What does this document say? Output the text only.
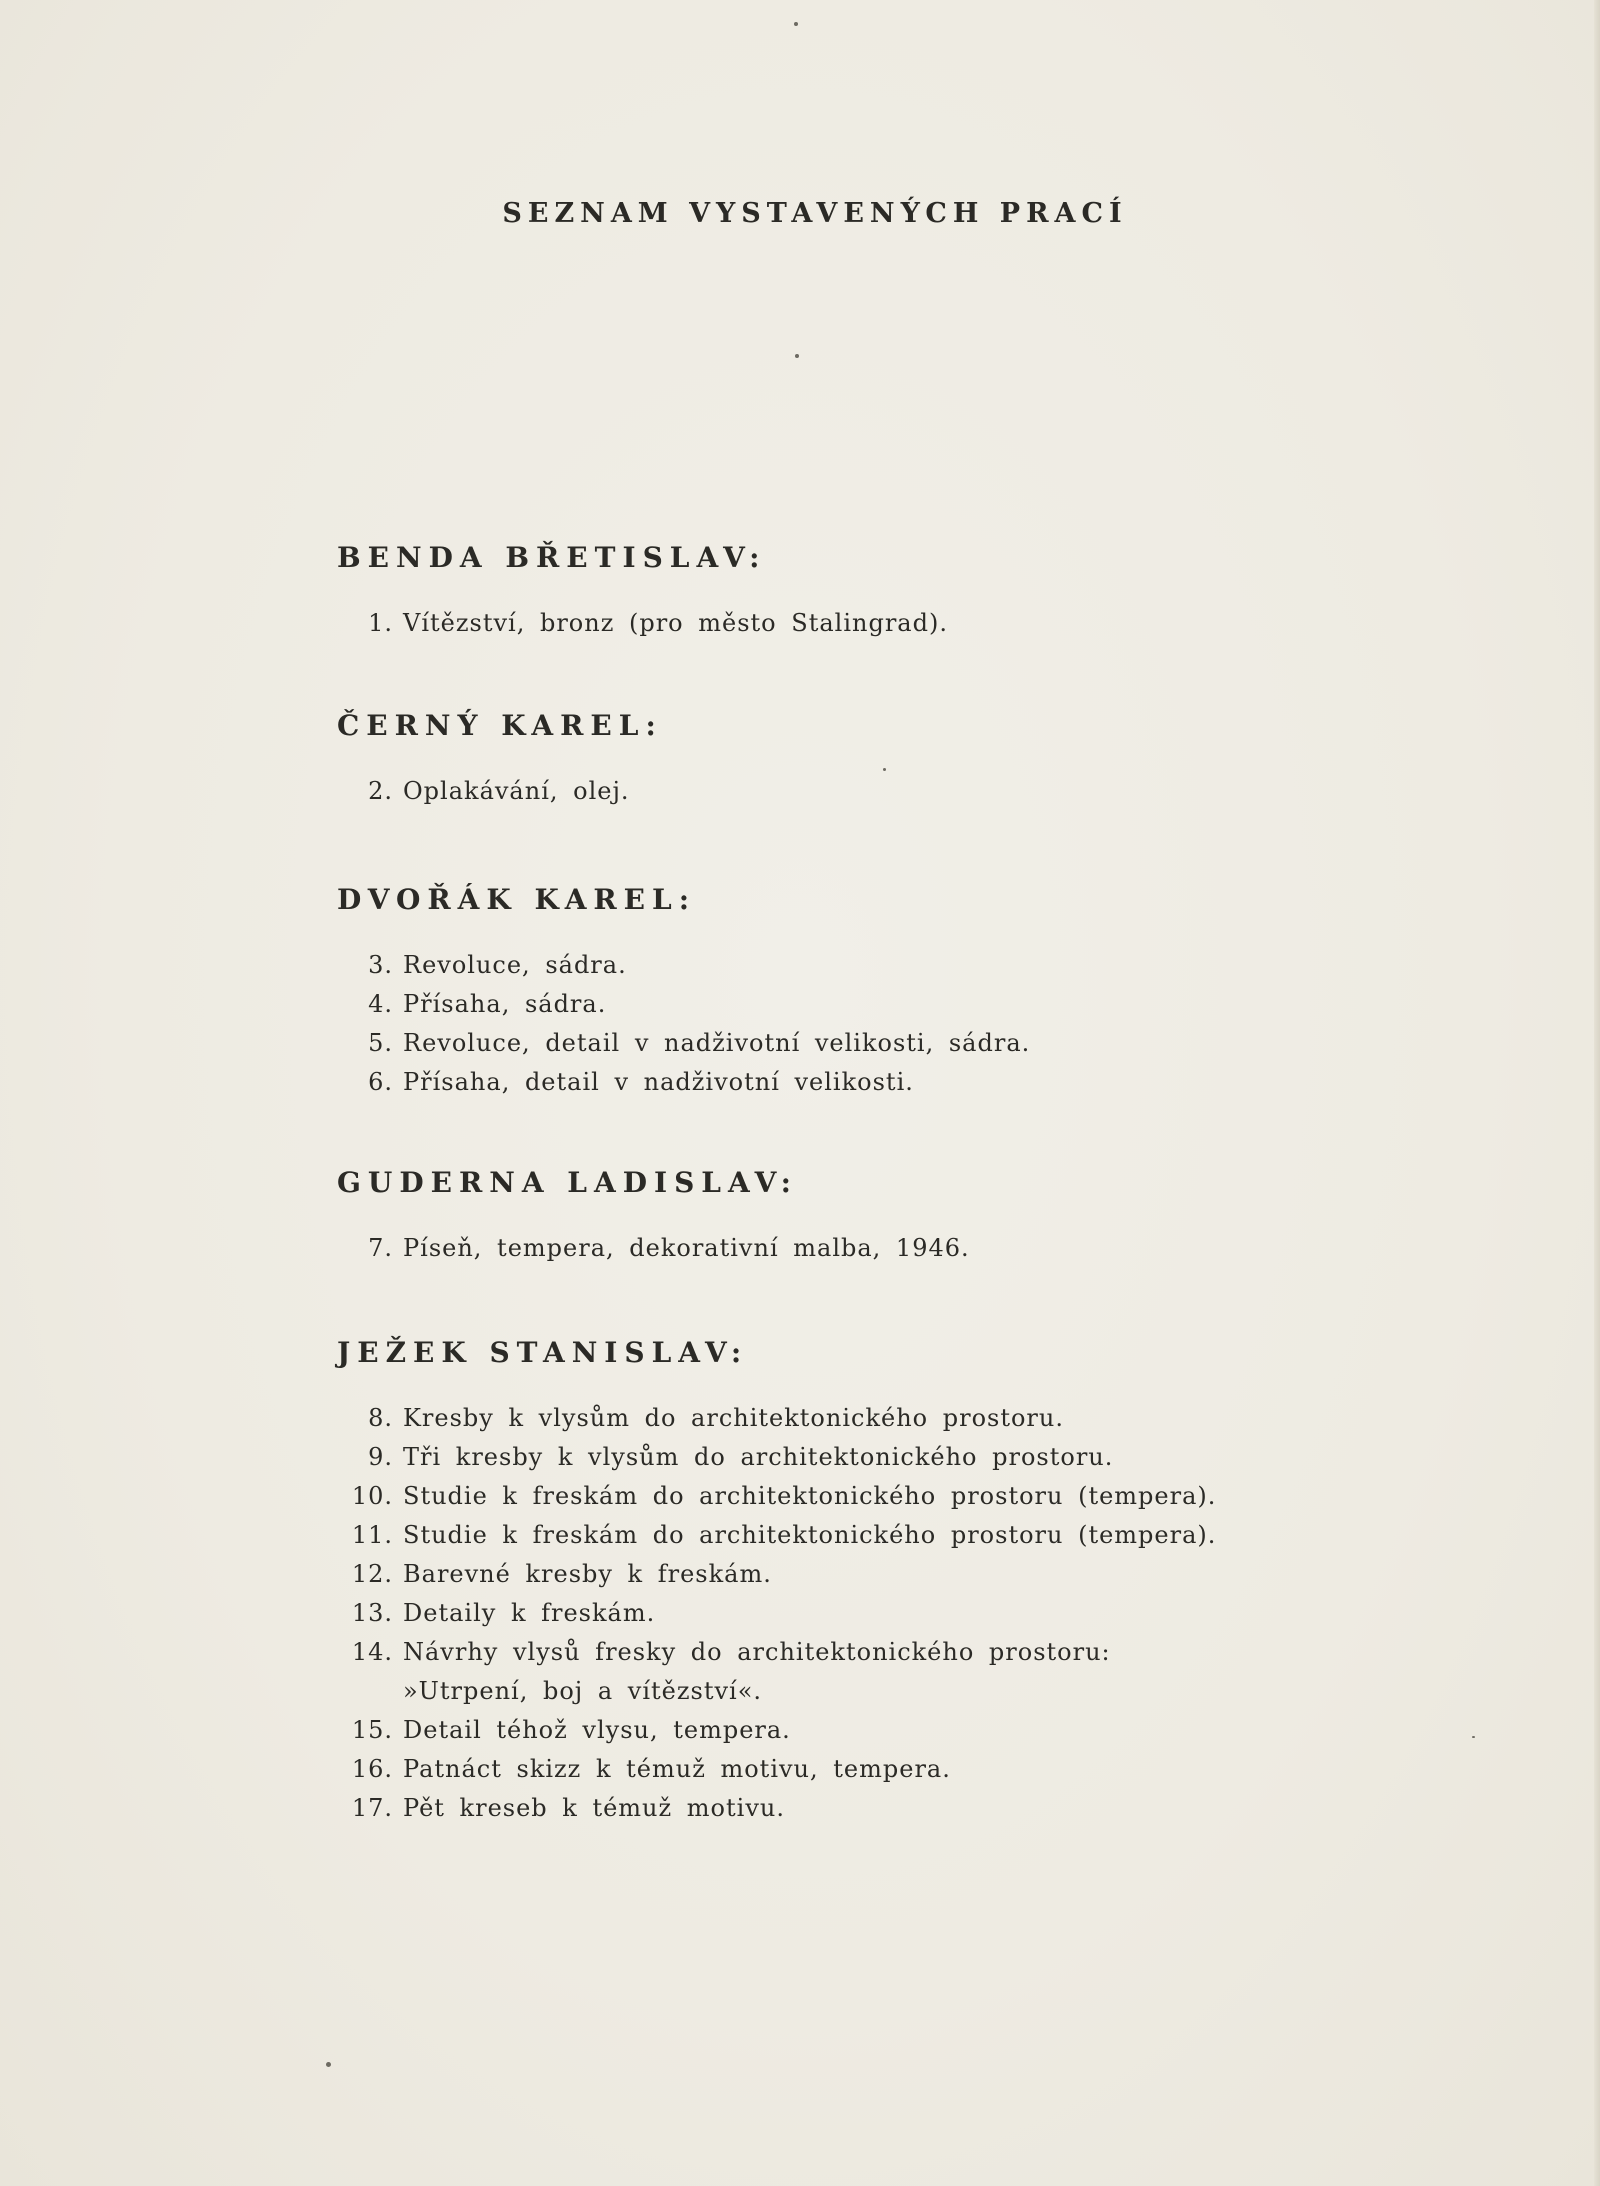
SEZNAM VYSTAVENÝCH PRACÍ
BENDA BŘETISLAV:
1. Vítězství, bronz (pro město Stalingrad).
ČERNÝ KAREL:
2. Oplakávání, olej.
DVOŘÁK KAREL:
3. Revoluce, sádra.
4. Přísaha, sádra.
5. Revoluce, detail v nadživotní velikosti, sádra.
6. Přísaha, detail v nadživotní velikosti.
GUDERNA LADISLAV:
7. Píseň, tempera, dekorativní malba, 1946.
JEŽEK STANISLAV:
8. Kresby k vlysům do architektonického prostoru.
9. Tři kresby k vlysům do architektonického prostoru.
10. Studie k freskám do architektonického prostoru (tempera).
11. Studie k freskám do architektonického prostoru (tempera).
12. Barevné kresby k freskám.
13. Detaily k freskám.
14. Návrhy vlysů fresky do architektonického prostoru:
»Utrpení, boj a vítězství«.
15. Detail téhož vlysu, tempera.
16. Patnáct skizz k témuž motivu, tempera.
17. Pět kreseb k témuž motivu.
